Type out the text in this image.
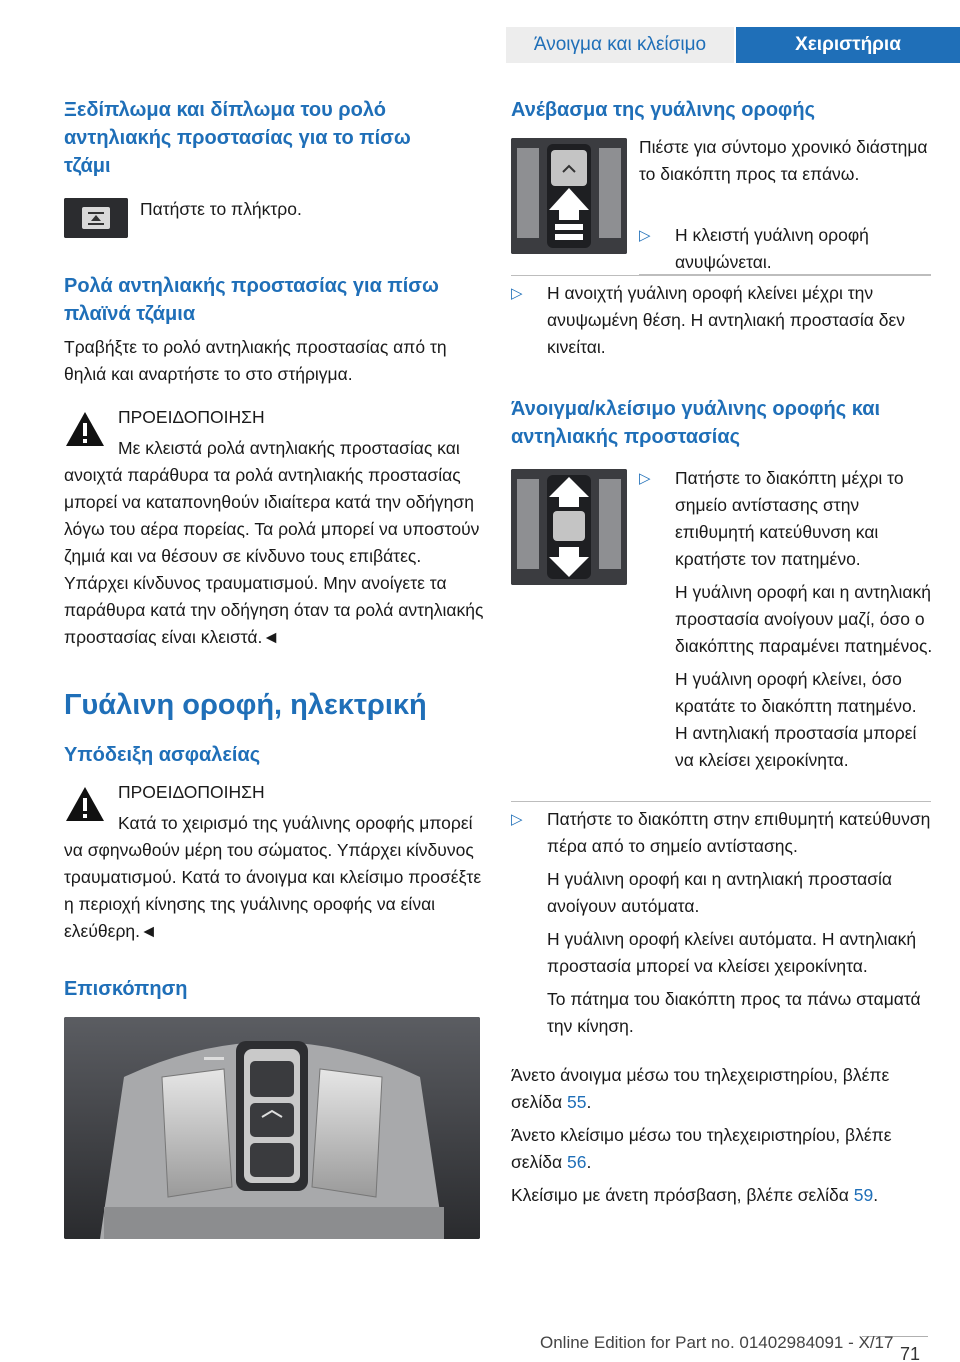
Άνοιγμα και κλείσιμο	Χειριστήρια
Ξεδίπλωμα και δίπλωμα του ρολό αντηλιακής προστασίας για το πίσω τζάμι

Πατήστε το πλήκτρο.

Ρολά αντηλιακής προστασίας για πίσω πλαϊνά τζάμια

Τραβήξτε το ρολό αντηλιακής προστασίας από τη θηλιά και αναρτήστε το στο στήριγμα.

ΠΡΟΕΙΔΟΠΟΙΗΣΗ

Με κλειστά ρολά αντηλιακής προστασίας και ανοιχτά παράθυρα τα ρολά αντηλιακής προστασίας μπορεί να καταπονηθούν ιδιαίτερα κατά την οδήγηση λόγω του αέρα πορείας. Τα ρολά μπορεί να υποστούν ζημιά και να θέσουν σε κίνδυνο τους επιβάτες. Υπάρχει κίνδυνος τραυματισμού. Μην ανοίγετε τα παράθυρα κατά την οδήγηση όταν τα ρολά αντηλιακής προστασίας είναι κλειστά.◄

Γυάλινη οροφή, ηλεκτρική
Υπόδειξη ασφαλείας

ΠΡΟΕΙΔΟΠΟΙΗΣΗ

Κατά το χειρισμό της γυάλινης οροφής μπορεί να σφηνωθούν μέρη του σώματος. Υπάρχει κίνδυνος τραυματισμού. Κατά το άνοιγμα και κλείσιμο προσέξτε η περιοχή κίνησης της γυάλινης οροφής να είναι ελεύθερη.◄

Επισκόπηση
Ανέβασμα της γυάλινης οροφής

Πιέστε για σύντομο χρονικό διάστημα το διακόπτη προς τα επάνω.

▷ Η κλειστή γυάλινη οροφή ανυψώνεται.
▷ Η ανοιχτή γυάλινη οροφή κλείνει μέχρι την ανυψωμένη θέση. Η αντηλιακή προστασία δεν κινείται.
Άνοιγμα/κλείσιμο γυάλινης οροφής και αντηλιακής προστασίας
▷ Πατήστε το διακόπτη μέχρι το σημείο αντίστασης στην επιθυμητή κατεύθυνση και κρατήστε τον πατημένο.

Η γυάλινη οροφή και η αντηλιακή προστασία ανοίγουν μαζί, όσο ο διακόπτης παραμένει πατημένος.

Η γυάλινη οροφή κλείνει, όσο κρατάτε το διακόπτη πατημένο. Η αντηλιακή προστασία μπορεί να κλείσει χειροκίνητα.

▷ Πατήστε το διακόπτη στην επιθυμητή κατεύθυνση πέρα από το σημείο αντίστασης.

Η γυάλινη οροφή και η αντηλιακή προστασία ανοίγουν αυτόματα.

Η γυάλινη οροφή κλείνει αυτόματα. Η αντηλιακή προστασία μπορεί να κλείσει χειροκίνητα.

Το πάτημα του διακόπτη προς τα πάνω σταματά την κίνηση.

Άνετο άνοιγμα μέσω του τηλεχειριστηρίου, βλέπε σελίδα 55.

Άνετο κλείσιμο μέσω του τηλεχειριστηρίου, βλέπε σελίδα 56.

Κλείσιμο με άνετη πρόσβαση, βλέπε σελίδα 59.

Online Edition for Part no. 01402984091 - X/17
71
